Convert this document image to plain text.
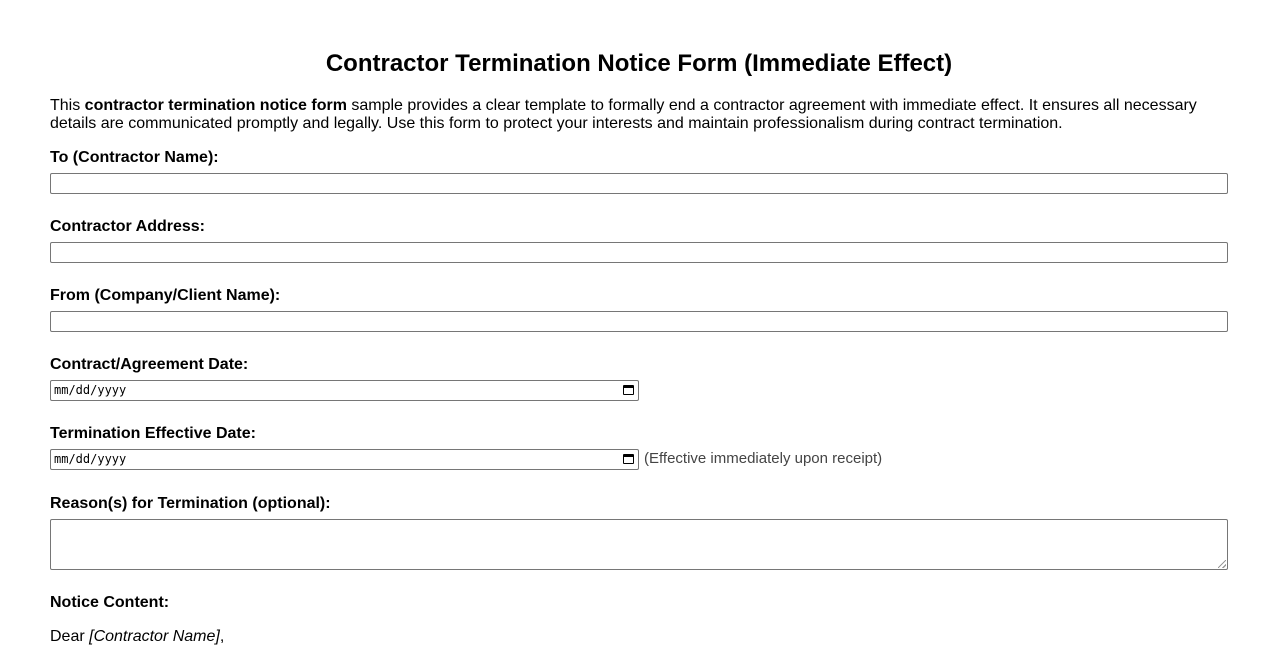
Contractor Termination Notice Form (Immediate Effect)

This contractor termination notice form sample provides a clear template to formally end a contractor agreement with immediate effect. It ensures all necessary details are communicated promptly and legally. Use this form to protect your interests and maintain professionalism during contract termination.

To (Contractor Name):
Contractor Address:
From (Company/Client Name):
Contract/Agreement Date:
mm/dd/yyyy
Termination Effective Date:
mm/dd/yyyy	(Effective immediately upon receipt)
Reason(s) for Termination (optional):

Notice Content:

Dear [Contractor Name],
